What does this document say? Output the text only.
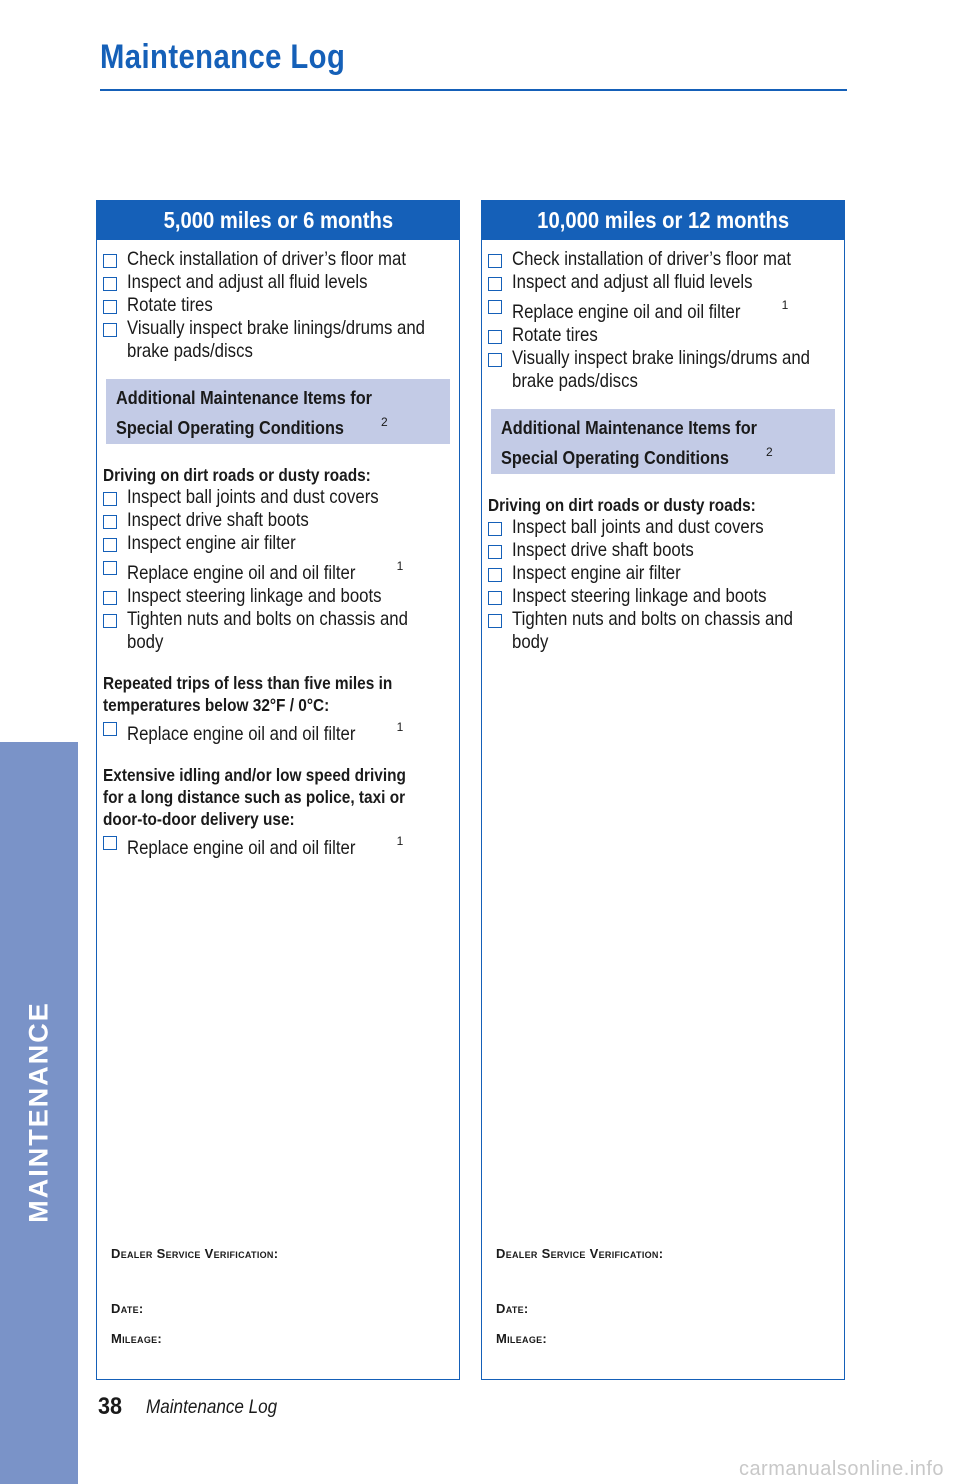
Maintenance Log
MAINTENANCE
5,000 miles or 6 months
Check installation of driver’s floor mat
Inspect and adjust all fluid levels
Rotate tires
Visually inspect brake linings/drums and
brake pads/discs
Additional Maintenance Items for
Special Operating Conditions	$^2$
Driving on dirt roads or dusty roads:
Inspect ball joints and dust covers
Inspect drive shaft boots
Inspect engine air filter
Replace engine oil and oil filter	$^1$
Inspect steering linkage and boots
Tighten nuts and bolts on chassis and
body
Repeated trips of less than five miles in
temperatures below 32°F / 0°C:
Replace engine oil and oil filter	$^1$
Extensive idling and/or low speed driving
for a long distance such as police, taxi or
door-to-door delivery use:
Replace engine oil and oil filter	$^1$
Dealer Service Verification:
Date:
Mileage:
10,000 miles or 12 months
Check installation of driver’s floor mat
Inspect and adjust all fluid levels
Replace engine oil and oil filter	$^1$
Rotate tires
Visually inspect brake linings/drums and
brake pads/discs
Additional Maintenance Items for
Special Operating Conditions	$^2$
Driving on dirt roads or dusty roads:
Inspect ball joints and dust covers
Inspect drive shaft boots
Inspect engine air filter
Inspect steering linkage and boots
Tighten nuts and bolts on chassis and
body
Dealer Service Verification:
Date:
Mileage:
38 Maintenance Log
carmanualsonline.info
